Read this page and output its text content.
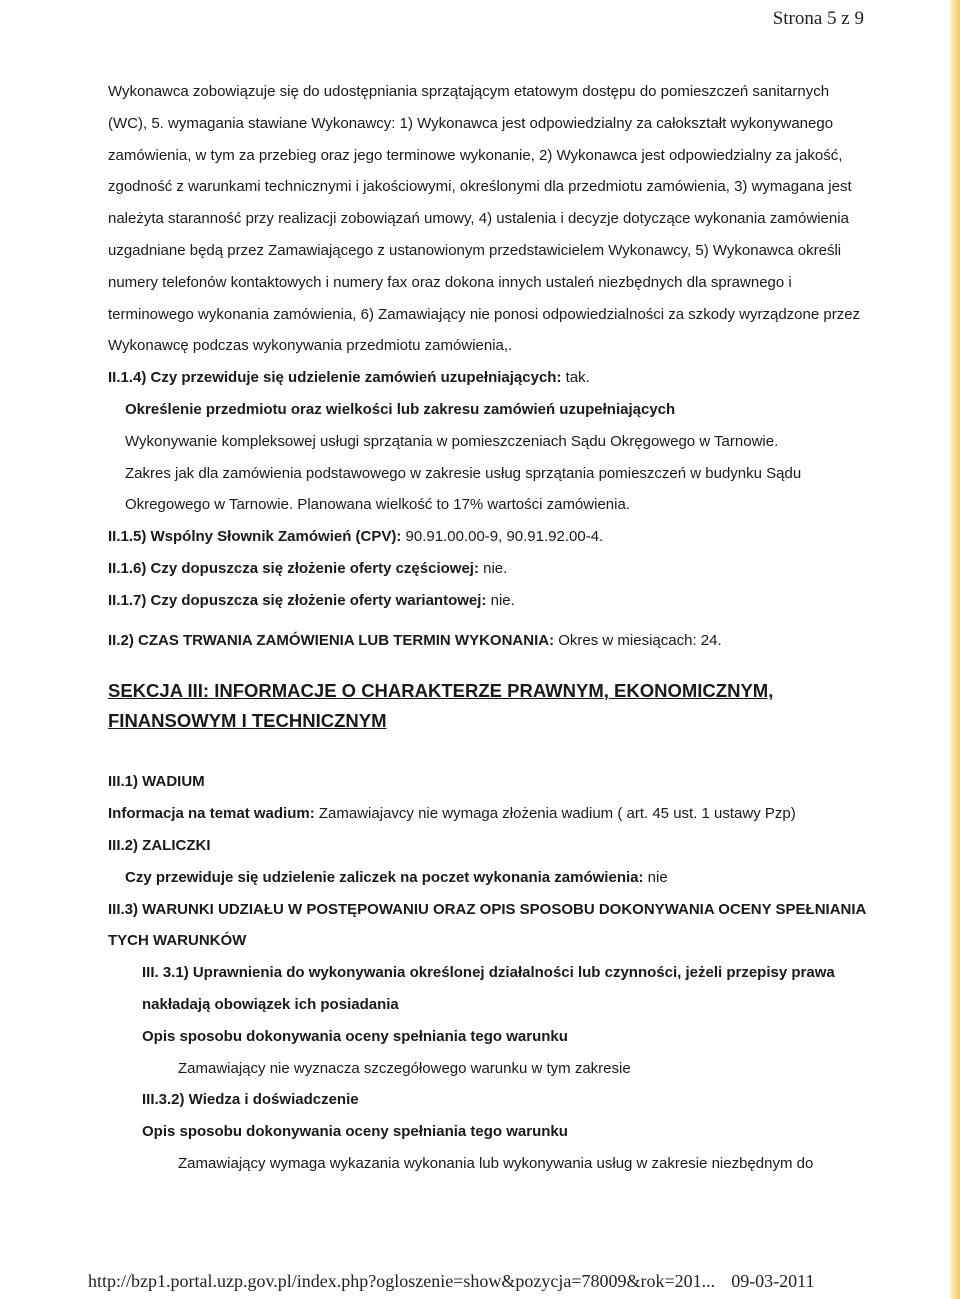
Strona 5 z 9

Wykonawca zobowiązuje się do udostępniania sprzątającym etatowym dostępu do pomieszczeń sanitarnych (WC), 5. wymagania stawiane Wykonawcy: 1) Wykonawca jest odpowiedzialny za całokształt wykonywanego zamówienia, w tym za przebieg oraz jego terminowe wykonanie, 2) Wykonawca jest odpowiedzialny za jakość, zgodność z warunkami technicznymi i jakościowymi, określonymi dla przedmiotu zamówienia, 3) wymagana jest należyta staranność przy realizacji zobowiązań umowy, 4) ustalenia i decyzje dotyczące wykonania zamówienia uzgadniane będą przez Zamawiającego z ustanowionym przedstawicielem Wykonawcy, 5) Wykonawca określi numery telefonów kontaktowych i numery fax oraz dokona innych ustaleń niezbędnych dla sprawnego i terminowego wykonania zamówienia, 6) Zamawiający nie ponosi odpowiedzialności za szkody wyrządzone przez Wykonawcę podczas wykonywania przedmiotu zamówienia,.

II.1.4) Czy przewiduje się udzielenie zamówień uzupełniających: tak.

Określenie przedmiotu oraz wielkości lub zakresu zamówień uzupełniających

Wykonywanie kompleksowej usługi sprzątania w pomieszczeniach Sądu Okręgowego w Tarnowie.

Zakres jak dla zamówienia podstawowego w zakresie usług sprzątania pomieszczeń w budynku Sądu Okregowego w Tarnowie. Planowana wielkość to 17% wartości zamówienia.

II.1.5) Wspólny Słownik Zamówień (CPV): 90.91.00.00-9, 90.91.92.00-4.

II.1.6) Czy dopuszcza się złożenie oferty częściowej: nie.

II.1.7) Czy dopuszcza się złożenie oferty wariantowej: nie.

II.2) CZAS TRWANIA ZAMÓWIENIA LUB TERMIN WYKONANIA: Okres w miesiącach: 24.

SEKCJA III: INFORMACJE O CHARAKTERZE PRAWNYM, EKONOMICZNYM,

FINANSOWYM I TECHNICZNYM

III.1) WADIUM

Informacja na temat wadium: Zamawiajavcy nie wymaga złożenia wadium ( art. 45 ust. 1 ustawy Pzp)

III.2) ZALICZKI

Czy przewiduje się udzielenie zaliczek na poczet wykonania zamówienia: nie

III.3) WARUNKI UDZIAŁU W POSTĘPOWANIU ORAZ OPIS SPOSOBU DOKONYWANIA OCENY SPEŁNIANIA TYCH WARUNKÓW

III. 3.1) Uprawnienia do wykonywania określonej działalności lub czynności, jeżeli przepisy prawa nakładają obowiązek ich posiadania

Opis sposobu dokonywania oceny spełniania tego warunku

Zamawiający nie wyznacza szczegółowego warunku w tym zakresie

III.3.2) Wiedza i doświadczenie

Opis sposobu dokonywania oceny spełniania tego warunku

Zamawiający wymaga wykazania wykonania lub wykonywania usług w zakresie niezbędnym do

http://bzp1.portal.uzp.gov.pl/index.php?ogloszenie=show&pozycja=78009&rok=201... 09-03-2011
